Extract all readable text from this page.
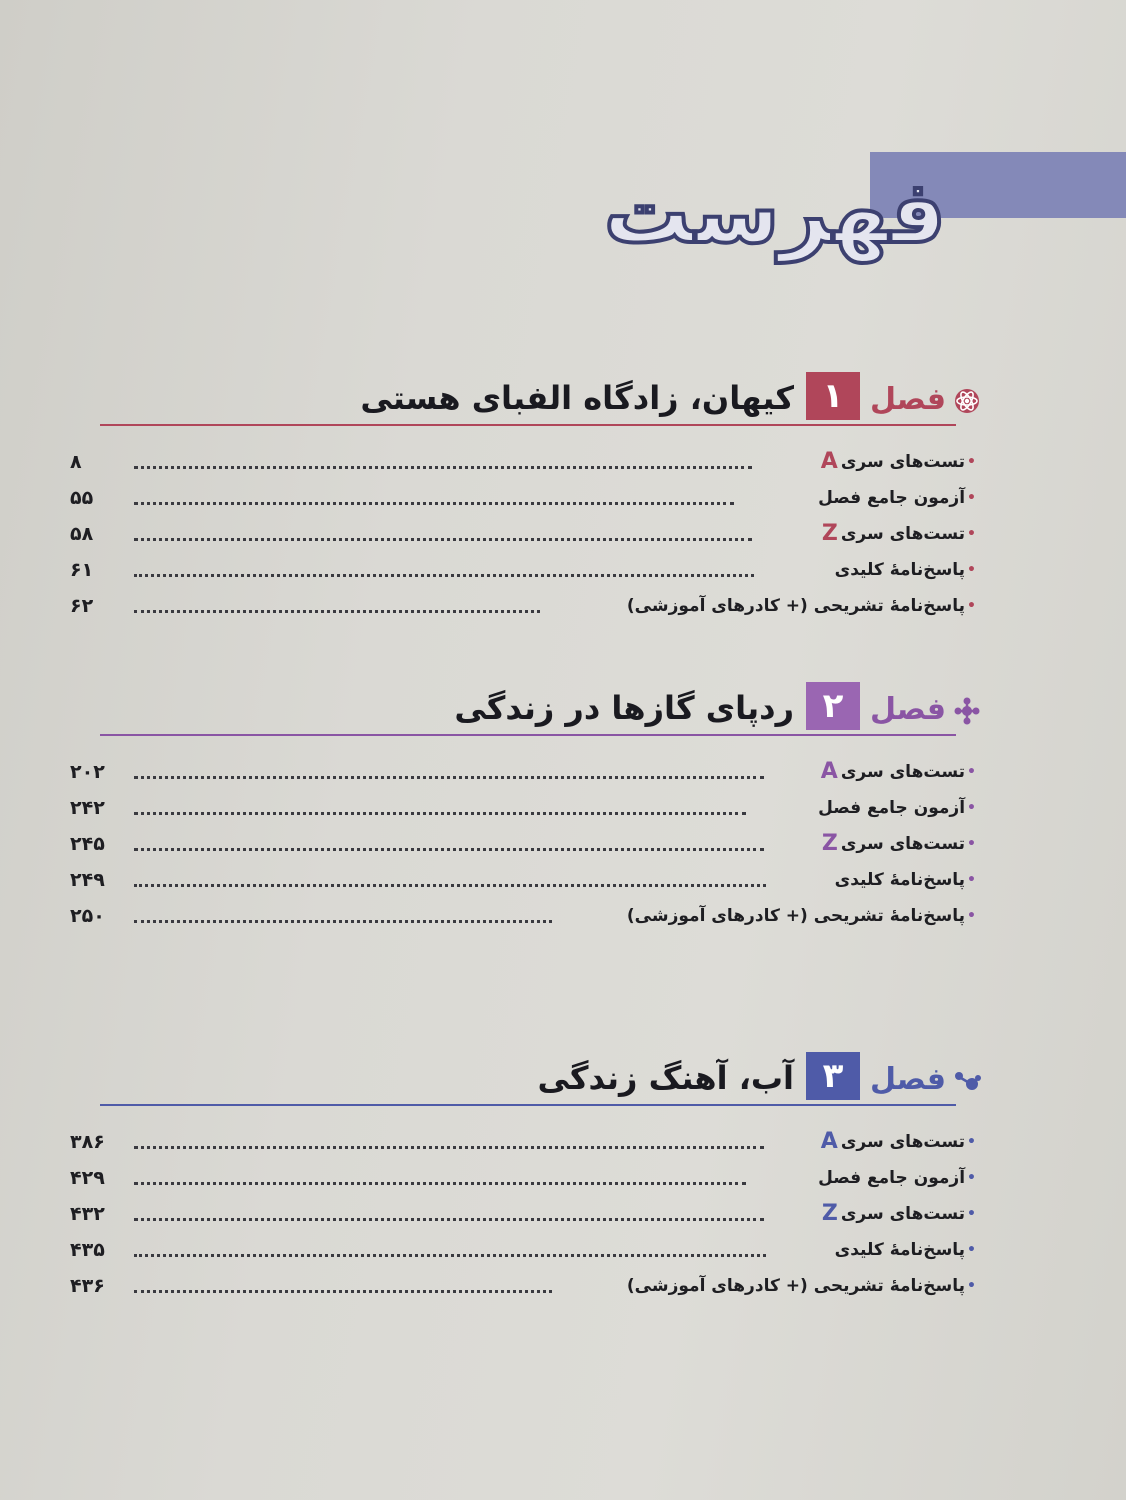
فهرست
فصل
۱
کیهان، زادگاه الفبای هستی
•
تست‌های سری
A
۸
•
آزمون جامع فصل
۵۵
•
تست‌های سری
Z
۵۸
•
پاسخ‌نامۀ کلیدی
۶۱
•
پاسخ‌نامۀ تشریحی (+ کادرهای آموزشی)
۶۲
فصل
۲
ردپای گازها در زندگی
•
تست‌های سری
A
۲۰۲
•
آزمون جامع فصل
۲۴۲
•
تست‌های سری
Z
۲۴۵
•
پاسخ‌نامۀ کلیدی
۲۴۹
•
پاسخ‌نامۀ تشریحی (+ کادرهای آموزشی)
۲۵۰
فصل
۳
آب، آهنگ زندگی
•
تست‌های سری
A
۳۸۶
•
آزمون جامع فصل
۴۲۹
•
تست‌های سری
Z
۴۳۲
•
پاسخ‌نامۀ کلیدی
۴۳۵
•
پاسخ‌نامۀ تشریحی (+ کادرهای آموزشی)
۴۳۶
